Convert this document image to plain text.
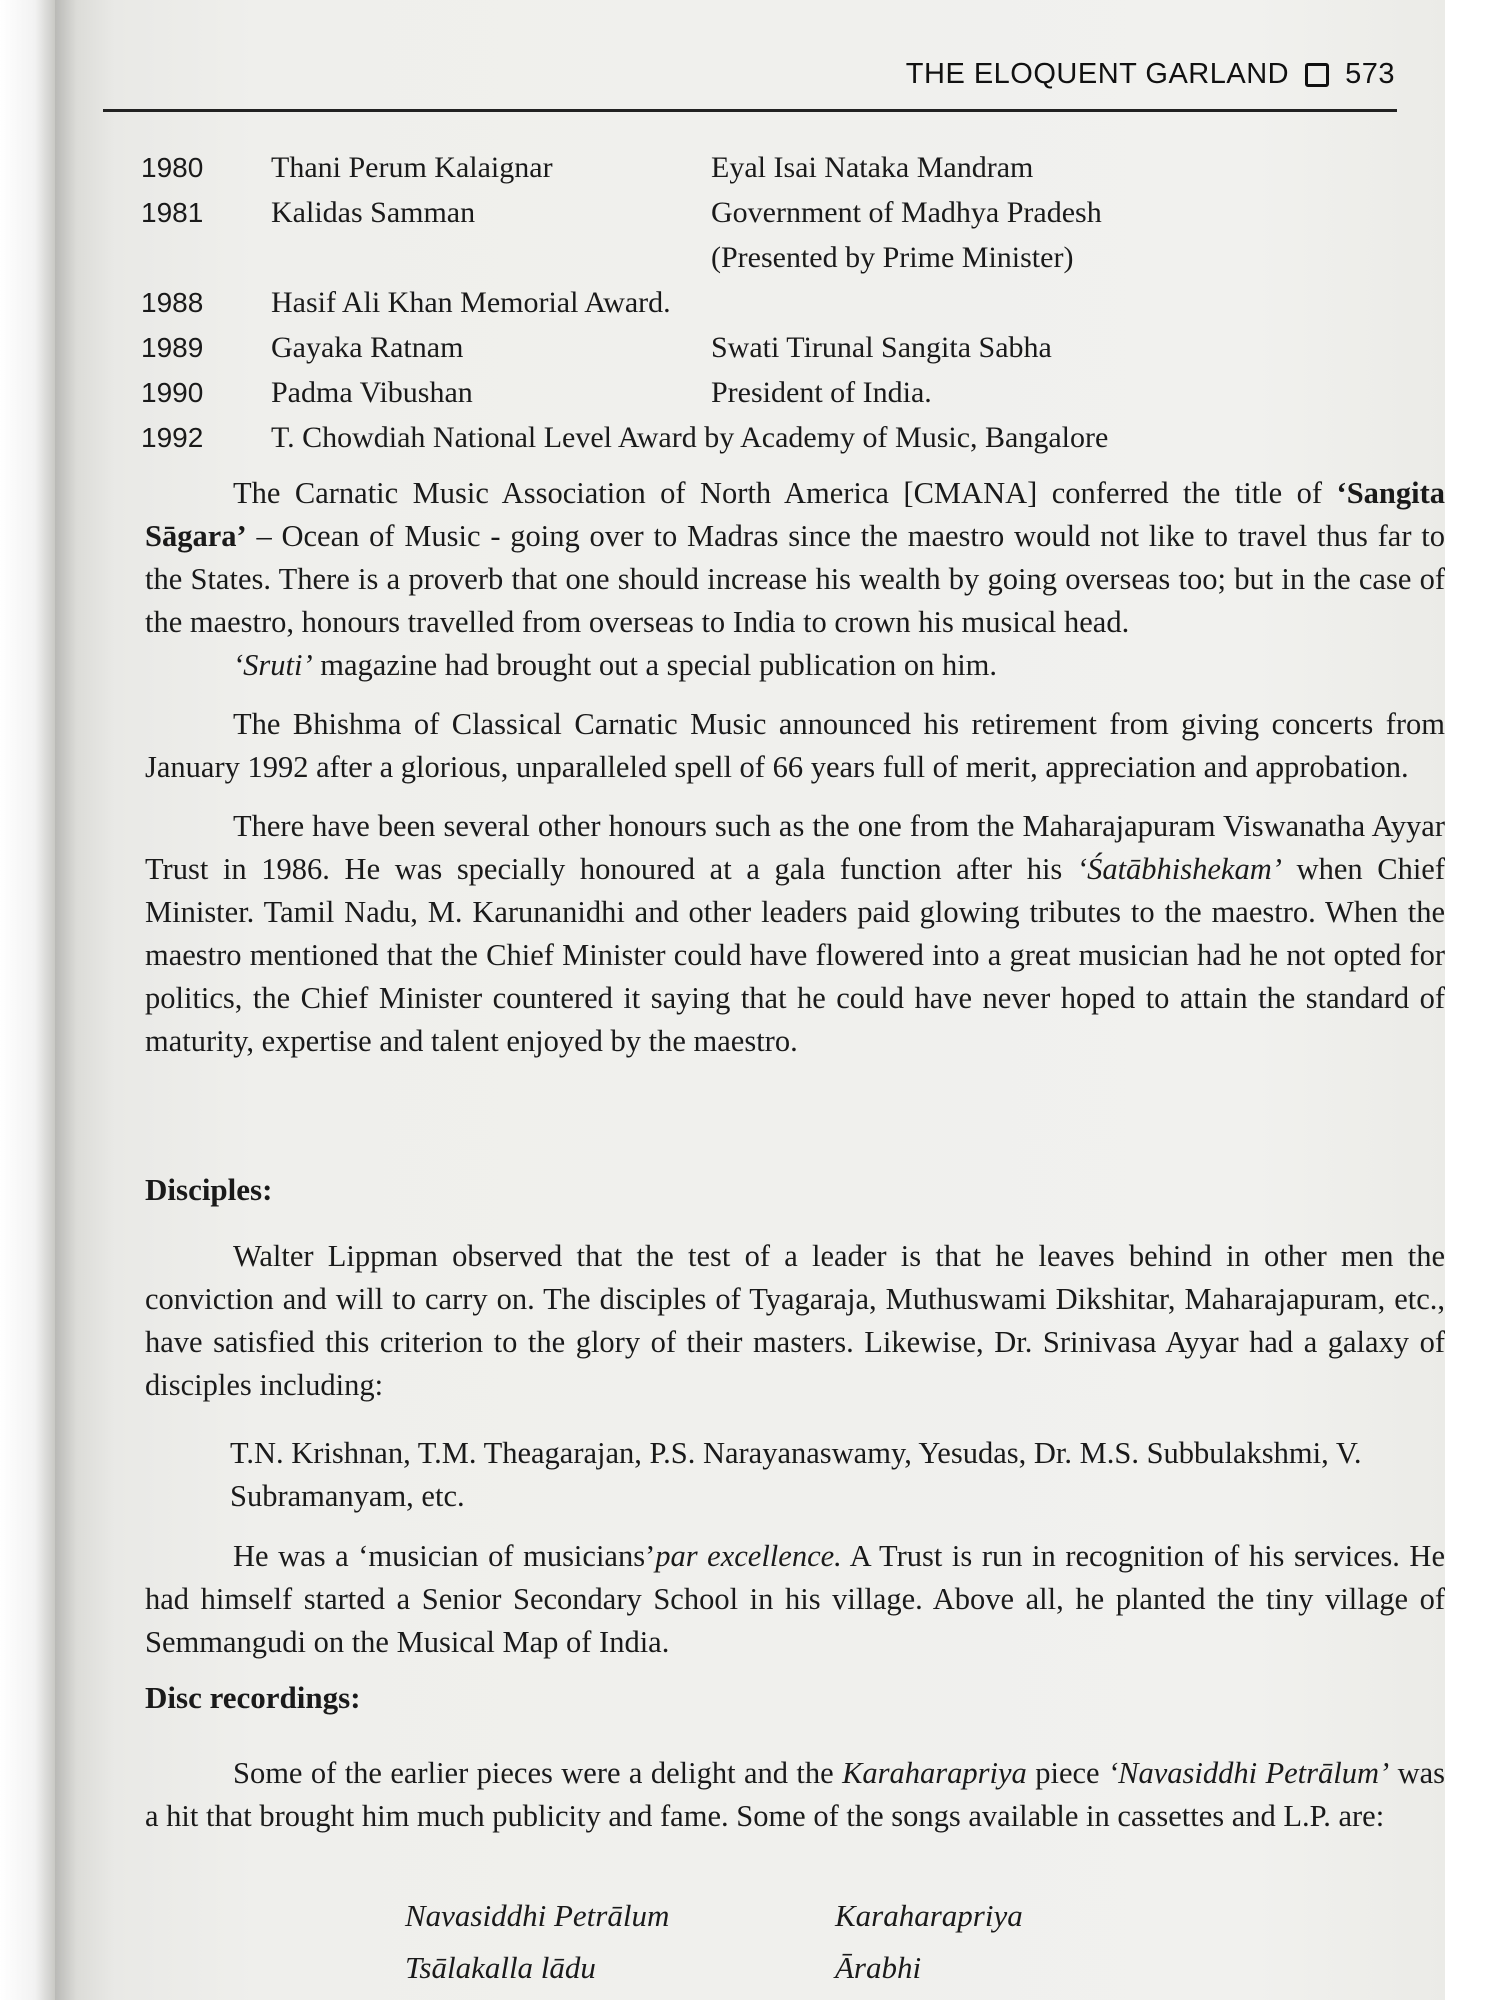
THE ELOQUENT GARLAND 573
1980	Thani Perum Kalaignar	Eyal Isai Nataka Mandram
1981	Kalidas Samman	Government of Madhya Pradesh
(Presented by Prime Minister)
1988	Hasif Ali Khan Memorial Award.
1989	Gayaka Ratnam	Swati Tirunal Sangita Sabha
1990	Padma Vibushan	President of India.
1992	T. Chowdiah National Level Award by Academy of Music, Bangalore

The Carnatic Music Association of North America [CMANA] conferred the title of ‘Sangita Sāgara’ – Ocean of Music - going over to Madras since the maestro would not like to travel thus far to the States. There is a proverb that one should increase his wealth by going overseas too; but in the case of the maestro, honours travelled from overseas to India to crown his musical head.

‘Sruti’ magazine had brought out a special publication on him.

The Bhishma of Classical Carnatic Music announced his retirement from giving concerts from January 1992 after a glorious, unparalleled spell of 66 years full of merit, appreciation and approbation.

There have been several other honours such as the one from the Maharajapuram Viswanatha Ayyar Trust in 1986. He was specially honoured at a gala function after his ‘Śatābhishekam’ when Chief Minister. Tamil Nadu, M. Karunanidhi and other leaders paid glowing tributes to the maestro. When the maestro mentioned that the Chief Minister could have flowered into a great musician had he not opted for politics, the Chief Minister countered it saying that he could have never hoped to attain the standard of maturity, expertise and talent enjoyed by the maestro.

Disciples:

Walter Lippman observed that the test of a leader is that he leaves behind in other men the conviction and will to carry on. The disciples of Tyagaraja, Muthuswami Dikshitar, Maharajapuram, etc., have satisfied this criterion to the glory of their masters. Likewise, Dr. Srinivasa Ayyar had a galaxy of disciples including:

T.N. Krishnan, T.M. Theagarajan, P.S. Narayanaswamy, Yesudas, Dr. M.S. Subbulakshmi, V. Subramanyam, etc.

He was a ‘musician of musicians’par excellence. A Trust is run in recognition of his services. He had himself started a Senior Secondary School in his village. Above all, he planted the tiny village of Semmangudi on the Musical Map of India.

Disc recordings:

Some of the earlier pieces were a delight and the Karaharapriya piece ‘Navasiddhi Petrālum’ was a hit that brought him much publicity and fame. Some of the songs available in cassettes and L.P. are:

Navasiddhi Petrālum	Karaharapriya
Tsālakalla lādu	Ārabhi
